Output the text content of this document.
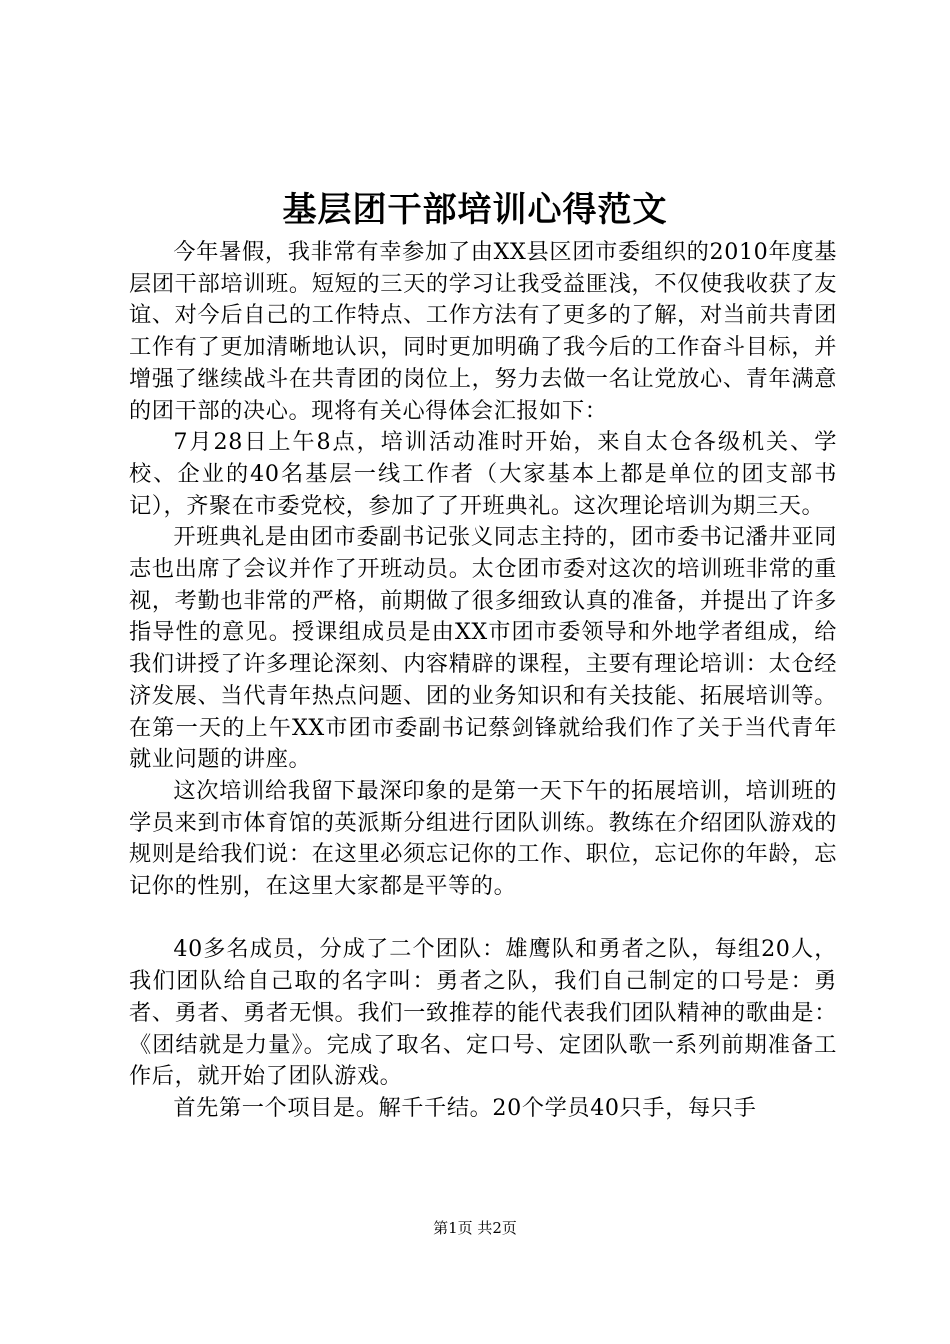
基层团干部培训心得范文

今年暑假，我非常有幸参加了由XX县区团市委组织的2010年度基层团干部培训班。短短的三天的学习让我受益匪浅，不仅使我收获了友谊、对今后自己的工作特点、工作方法有了更多的了解，对当前共青团工作有了更加清晰地认识，同时更加明确了我今后的工作奋斗目标，并增强了继续战斗在共青团的岗位上，努力去做一名让党放心、青年满意的团干部的决心。现将有关心得体会汇报如下：

7月28日上午8点，培训活动准时开始，来自太仓各级机关、学校、企业的40名基层一线工作者（大家基本上都是单位的团支部书记），齐聚在市委党校，参加了了开班典礼。这次理论培训为期三天。

开班典礼是由团市委副书记张义同志主持的，团市委书记潘井亚同志也出席了会议并作了开班动员。太仓团市委对这次的培训班非常的重视，考勤也非常的严格，前期做了很多细致认真的准备，并提出了许多指导性的意见。授课组成员是由XX市团市委领导和外地学者组成，给我们讲授了许多理论深刻、内容精辟的课程，主要有理论培训：太仓经济发展、当代青年热点问题、团的业务知识和有关技能、拓展培训等。在第一天的上午XX市团市委副书记蔡剑锋就给我们作了关于当代青年就业问题的讲座。

这次培训给我留下最深印象的是第一天下午的拓展培训，培训班的学员来到市体育馆的英派斯分组进行团队训练。教练在介绍团队游戏的规则是给我们说：在这里必须忘记你的工作、职位，忘记你的年龄，忘记你的性别，在这里大家都是平等的。

40多名成员，分成了二个团队：雄鹰队和勇者之队，每组20人，我们团队给自己取的名字叫：勇者之队，我们自己制定的口号是：勇者、勇者、勇者无惧。我们一致推荐的能代表我们团队精神的歌曲是：《团结就是力量》。完成了取名、定口号、定团队歌一系列前期准备工作后，就开始了团队游戏。

首先第一个项目是。解千千结。20个学员40只手，每只手

第1页 共2页
